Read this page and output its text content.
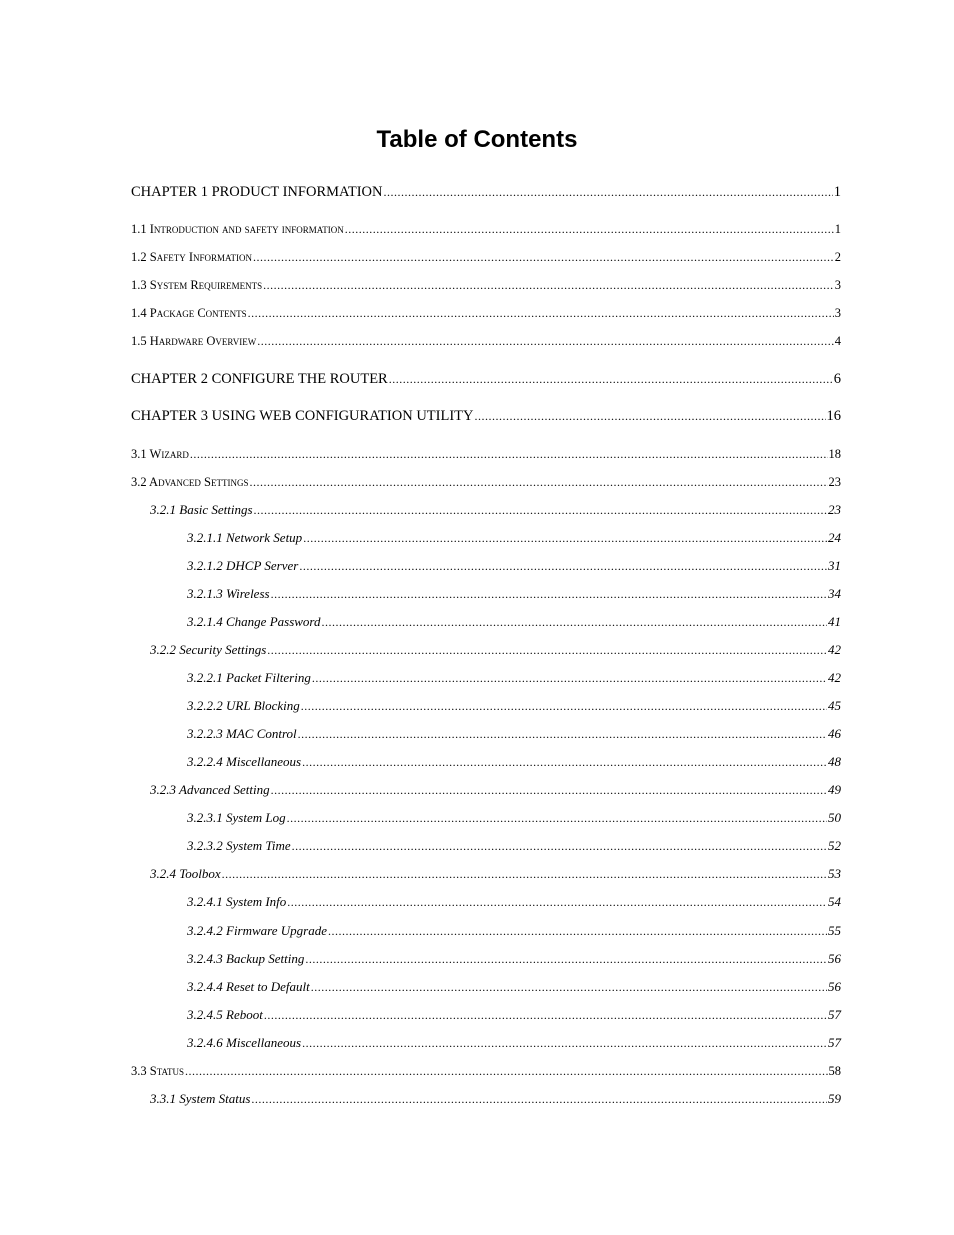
Table of Contents
CHAPTER 1 PRODUCT INFORMATION .....	1
1.1 Introduction and safety information .....	1
1.2 Safety Information .....	2
1.3 System Requirements .....	3
1.4 Package Contents .....	3
1.5 Hardware Overview .....	4
CHAPTER 2 CONFIGURE THE ROUTER .....	6
CHAPTER 3 USING WEB CONFIGURATION UTILITY .....	16
3.1 Wizard .....	18
3.2 Advanced Settings .....	23
3.2.1 Basic Settings .....	23
3.2.1.1 Network Setup .....	24
3.2.1.2 DHCP Server .....	31
3.2.1.3 Wireless .....	34
3.2.1.4 Change Password .....	41
3.2.2 Security Settings .....	42
3.2.2.1 Packet Filtering .....	42
3.2.2.2 URL Blocking .....	45
3.2.2.3 MAC Control .....	46
3.2.2.4 Miscellaneous .....	48
3.2.3 Advanced Setting .....	49
3.2.3.1 System Log .....	50
3.2.3.2 System Time .....	52
3.2.4 Toolbox .....	53
3.2.4.1 System Info .....	54
3.2.4.2 Firmware Upgrade .....	55
3.2.4.3 Backup Setting .....	56
3.2.4.4 Reset to Default .....	56
3.2.4.5 Reboot .....	57
3.2.4.6 Miscellaneous .....	57
3.3 Status .....	58
3.3.1 System Status .....	59
